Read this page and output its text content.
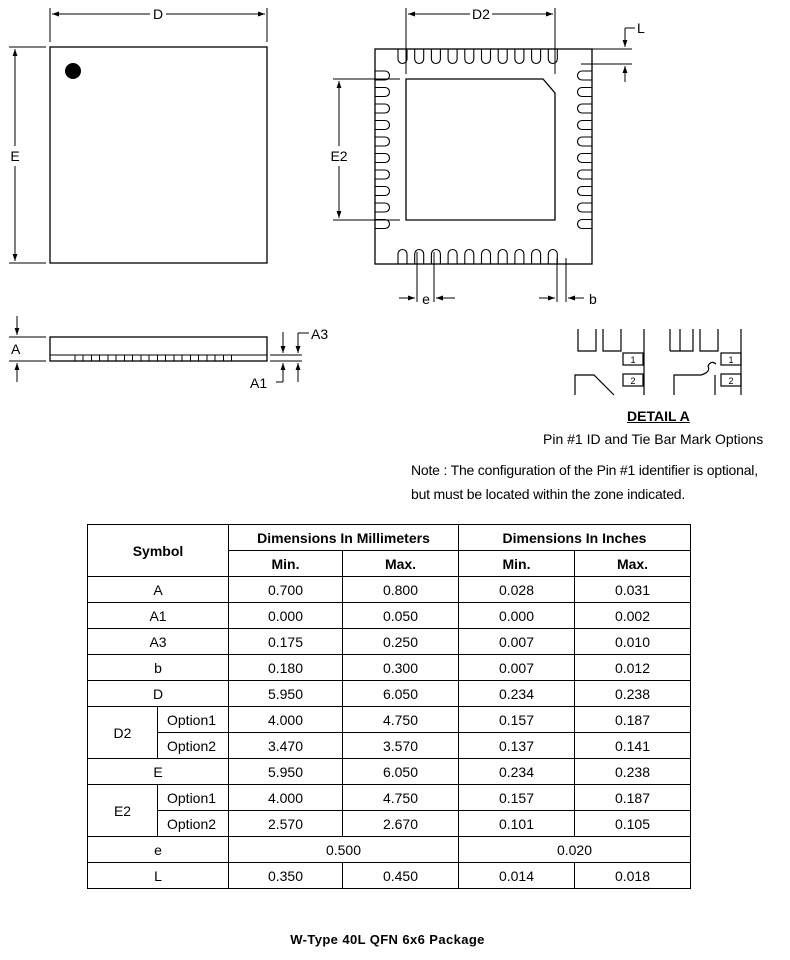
D
E
D2
E2
L
e	b
A
A1
A3
1
2
1
2
DETAIL A
Pin #1 ID and Tie Bar Mark Options
Note : The configuration of the Pin #1 identifier is optional,
but must be located within the zone indicated.
Symbol		Dimensions In Millimeters		Dimensions In Inches	
		Min.	Max.	Min.	Max.
A		0.700	0.800	0.028	0.031
A1		0.000	0.050	0.000	0.002
A3		0.175	0.250	0.007	0.010
b		0.180	0.300	0.007	0.012
D		5.950	6.050	0.234	0.238
D2	Option1	4.000	4.750	0.157	0.187
	Option2	3.470	3.570	0.137	0.141
E		5.950	6.050	0.234	0.238
E2	Option1	4.000	4.750	0.157	0.187
	Option2	2.570	2.670	0.101	0.105
e		0.500		0.020	
L		0.350	0.450	0.014	0.018
W-Type 40L QFN 6x6 Package
